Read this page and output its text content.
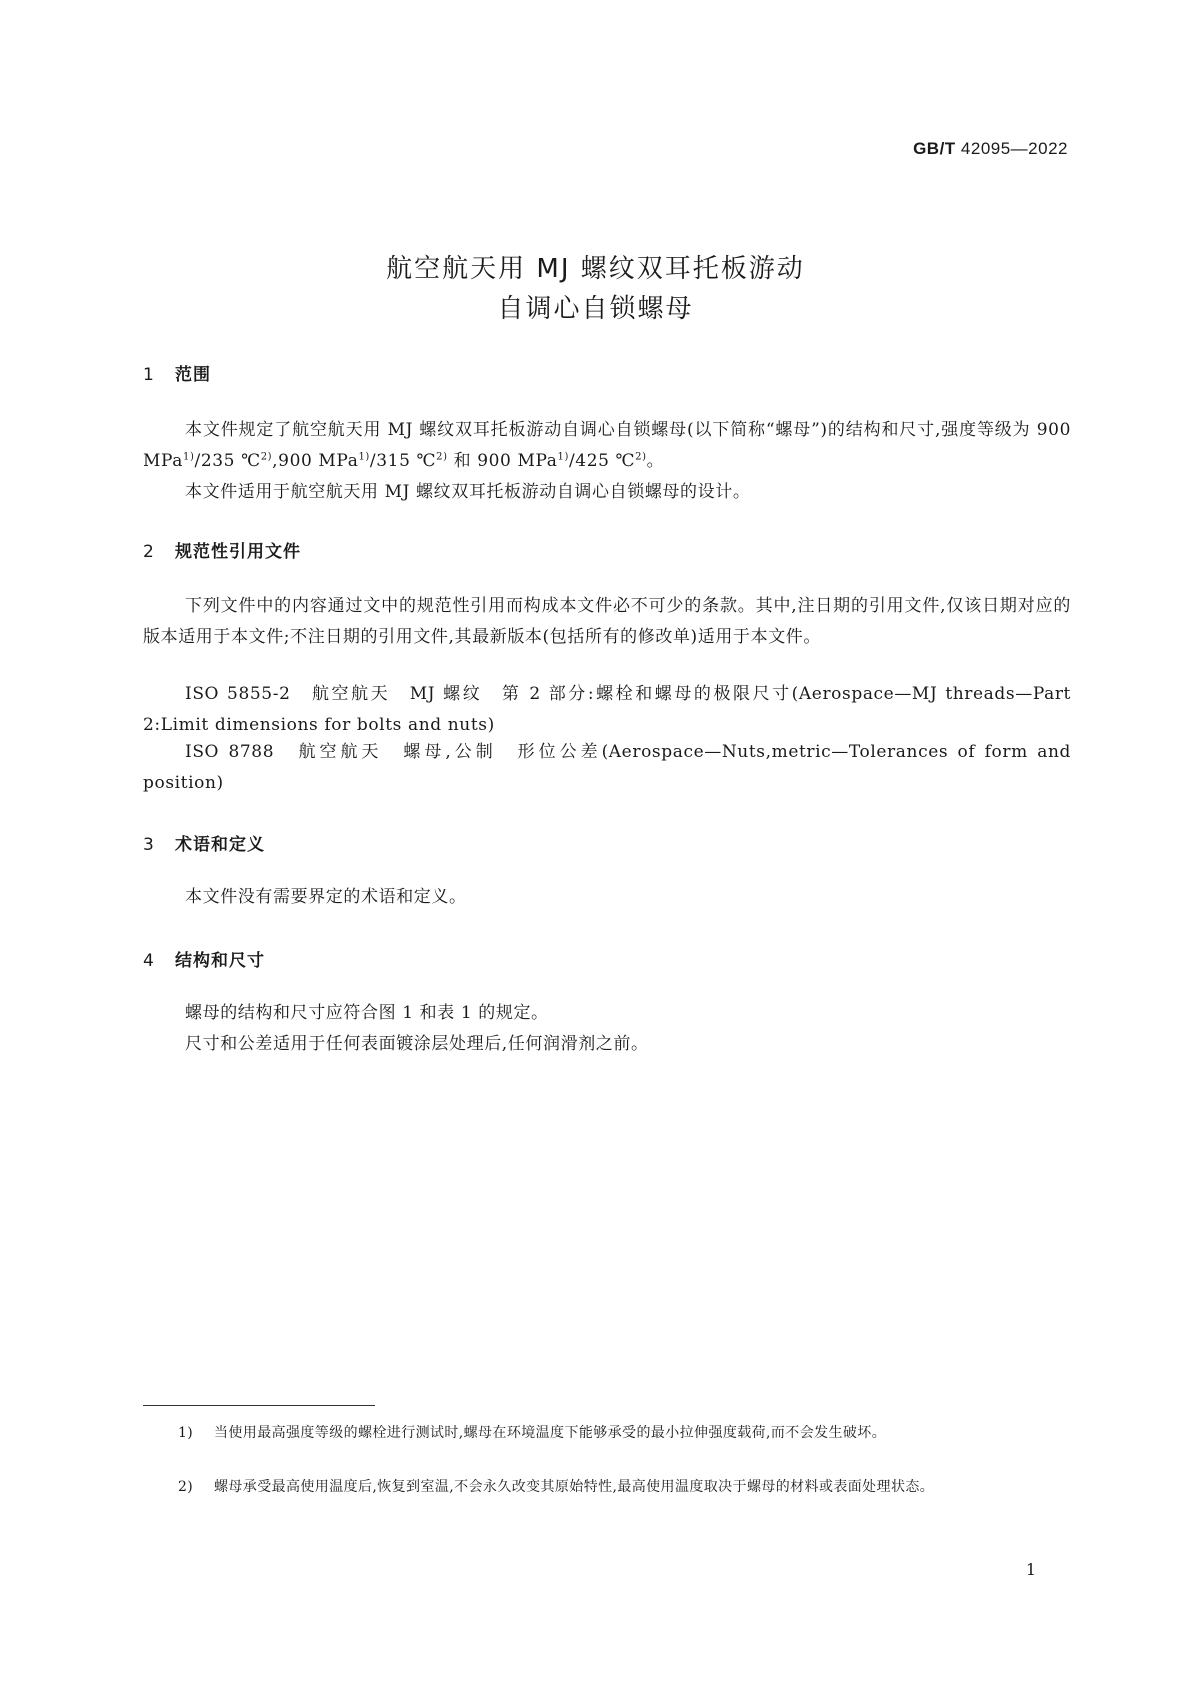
GB/T 42095—2022
航空航天用 MJ 螺纹双耳托板游动
自调心自锁螺母
1 范围

本文件规定了航空航天用 MJ 螺纹双耳托板游动自调心自锁螺母(以下简称“螺母”)的结构和尺寸,强度等级为 900 MPa$^{1)}$/235 ℃$^{2)}$,900 MPa$^{1)}$/315 ℃$^{2)}$ 和 900 MPa$^{1)}$/425 ℃$^{2)}$。

本文件适用于航空航天用 MJ 螺纹双耳托板游动自调心自锁螺母的设计。

2 规范性引用文件

下列文件中的内容通过文中的规范性引用而构成本文件必不可少的条款。其中,注日期的引用文件,仅该日期对应的版本适用于本文件;不注日期的引用文件,其最新版本(包括所有的修改单)适用于本文件。

ISO 5855-2　航空航天　MJ 螺纹　第 2 部分:螺栓和螺母的极限尺寸(Aerospace—MJ threads—Part 2:Limit dimensions for bolts and nuts)

ISO 8788　航空航天　螺母,公制　形位公差(Aerospace—Nuts,metric—Tolerances of form and position)

3 术语和定义

本文件没有需要界定的术语和定义。

4 结构和尺寸

螺母的结构和尺寸应符合图 1 和表 1 的规定。

尺寸和公差适用于任何表面镀涂层处理后,任何润滑剂之前。

1)	当使用最高强度等级的螺栓进行测试时,螺母在环境温度下能够承受的最小拉伸强度载荷,而不会发生破坏。
2)	螺母承受最高使用温度后,恢复到室温,不会永久改变其原始特性,最高使用温度取决于螺母的材料或表面处理状态。
1
